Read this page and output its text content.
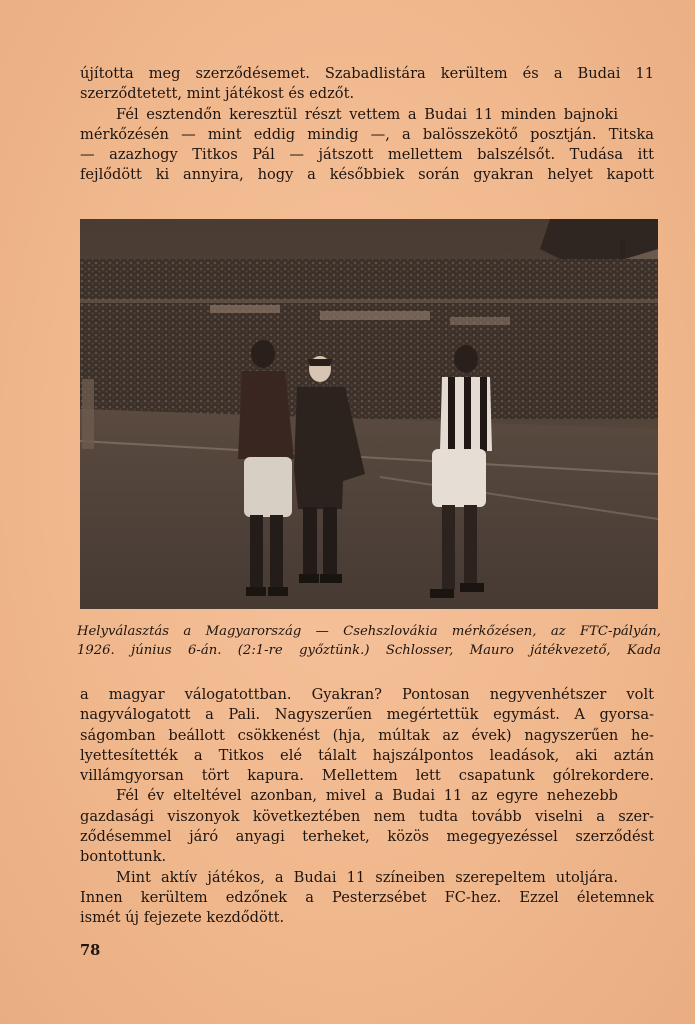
újította meg szerződésemet. Szabadlistára kerültem és a Budai 11
szerződtetett, mint játékost és edzőt.
Fél esztendőn keresztül részt vettem a Budai 11 minden bajnoki
mérkőzésén — mint eddig mindig —, a balösszekötő posztján. Titska
— azazhogy Titkos Pál — játszott mellettem balszélsőt. Tudása itt
fejlődött ki annyira, hogy a későbbiek során gyakran helyet kapott
Helyválasztás a Magyarország — Csehszlovákia mérkőzésen, az FTC-pályán,
1926. június 6-án. (2:1-re győztünk.) Schlosser, Mauro játékvezető, Kada
a magyar válogatottban. Gyakran? Pontosan negyvenhétszer volt
nagyválogatott a Pali. Nagyszerűen megértettük egymást. A gyorsa-
ságomban beállott csökkenést (hja, múltak az évek) nagyszerűen he-
lyettesítették a Titkos elé tálalt hajszálpontos leadások, aki aztán
villámgyorsan tört kapura. Mellettem lett csapatunk gólrekordere.
Fél év elteltével azonban, mivel a Budai 11 az egyre nehezebb
gazdasági viszonyok következtében nem tudta tovább viselni a szer-
ződésemmel járó anyagi terheket, közös megegyezéssel szerződést
bontottunk.
Mint aktív játékos, a Budai 11 színeiben szerepeltem utoljára.
Innen kerültem edzőnek a Pesterzsébet FC-hez. Ezzel életemnek
ismét új fejezete kezdődött.
78
